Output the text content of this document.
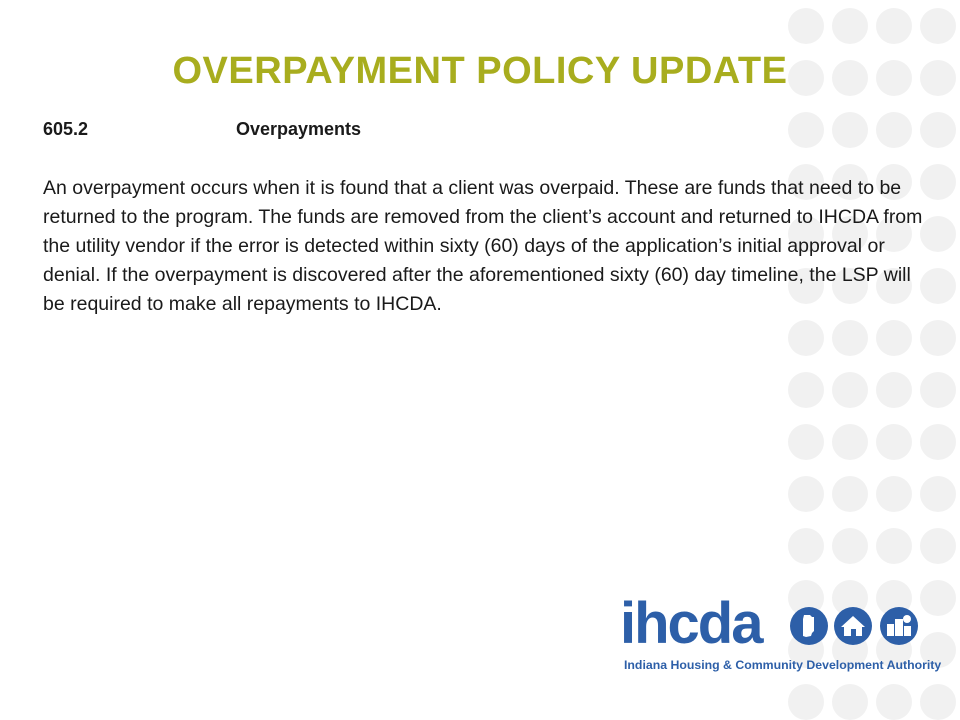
OVERPAYMENT POLICY UPDATE
605.2	Overpayments

An overpayment occurs when it is found that a client was overpaid. These are funds that need to be returned to the program. The funds are removed from the client’s account and returned to IHCDA from the utility vendor if the error is detected within sixty (60) days of the application’s initial approval or denial. If the overpayment is discovered after the aforementioned sixty (60) day timeline, the LSP will be required to make all repayments to IHCDA.

ihcda
Indiana Housing & Community Development Authority
